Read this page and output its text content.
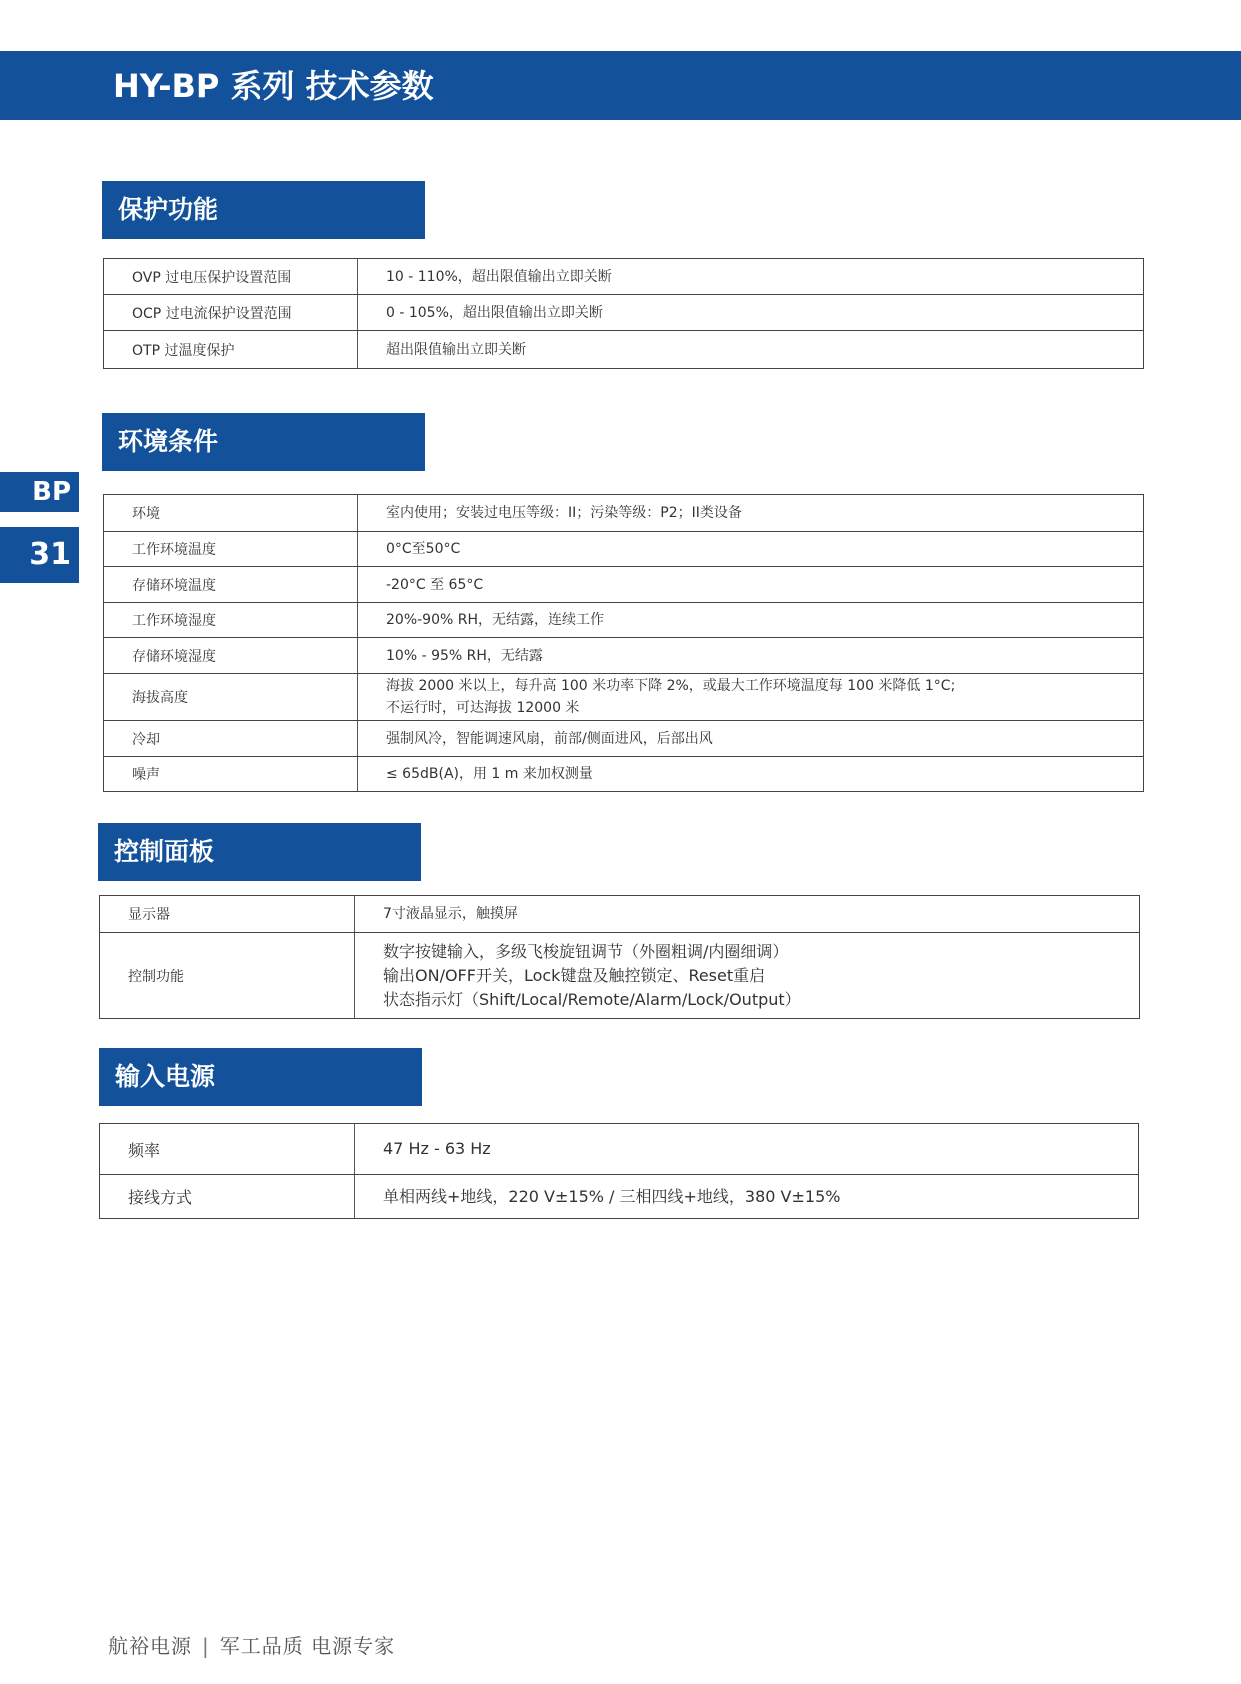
HY-BP 系列 技术参数
BP
31
保护功能
OVP 过电压保护设置范围	10 - 110%，超出限值输出立即关断
OCP 过电流保护设置范围	0 - 105%，超出限值输出立即关断
OTP 过温度保护	超出限值输出立即关断
环境条件
环境	室内使用；安装过电压等级：II；污染等级：P2；II类设备
工作环境温度	0°C至50°C
存储环境温度	-20°C 至 65°C
工作环境湿度	20%-90% RH，无结露，连续工作
存储环境湿度	10% - 95% RH，无结露
海拔高度	海拔 2000 米以上，每升高 100 米功率下降 2%，或最大工作环境温度每 100 米降低 1°C;
不运行时，可达海拔 12000 米

冷却	强制风冷，智能调速风扇，前部/侧面进风，后部出风
噪声	≤ 65dB(A)，用 1 m 来加权测量
控制面板
显示器	7寸液晶显示，触摸屏
控制功能	数字按键输入，多级飞梭旋钮调节（外圈粗调/内圈细调）
输出ON/OFF开关，Lock键盘及触控锁定、Reset重启
状态指示灯（Shift/Local/Remote/Alarm/Lock/Output）
输入电源
频率	47 Hz - 63 Hz
接线方式	单相两线+地线，220 V±15% / 三相四线+地线，380 V±15%
航裕电源 | 军工品质 电源专家
